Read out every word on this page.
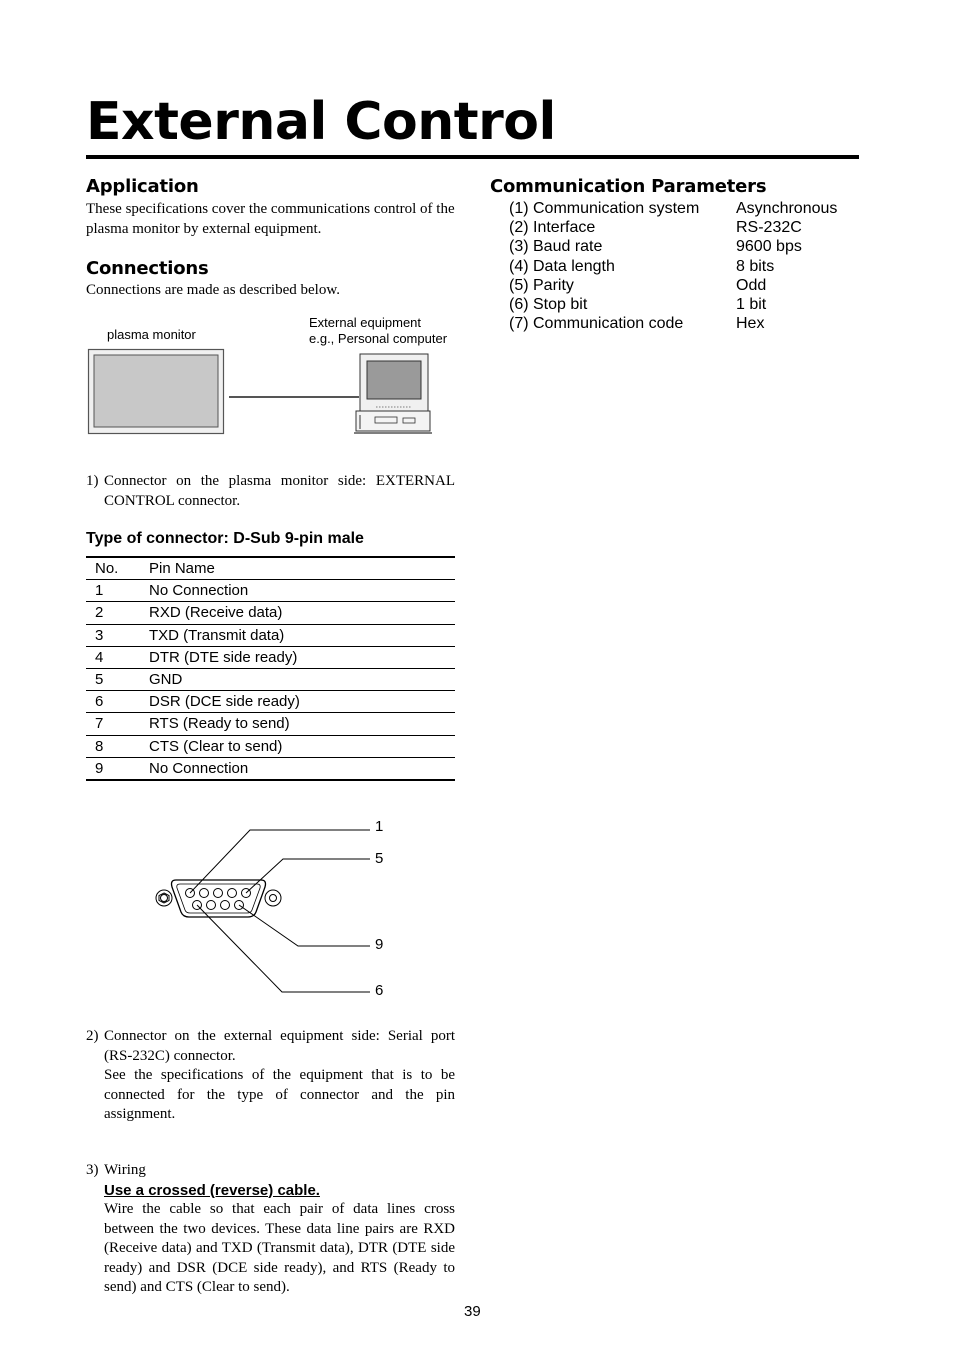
External Control
Application
These specifications cover the communications control of the plasma monitor by external equipment.
Connections
Connections are made as described below.
plasma monitor
External equipment
e.g., Personal computer
1) Connector on the plasma monitor side: EXTERNAL
CONTROL connector.
Type of connector: D-Sub 9-pin male
No.	Pin Name
1	No Connection
2	RXD (Receive data)
3	TXD (Transmit data)
4	DTR (DTE side ready)
5	GND
6	DSR (DCE side ready)
7	RTS (Ready to send)
8	CTS (Clear to send)
9	No Connection
1
5
9
6
2) Connector on the external equipment side: Serial port
(RS-232C) connector.
See the specifications of the equipment that is to be connected for the type of connector and the pin assignment.
3) Wiring
Use a crossed (reverse) cable.
Wire the cable so that each pair of data lines cross between the two devices. These data line pairs are RXD (Receive data) and TXD (Transmit data), DTR (DTE side ready) and DSR (DCE side ready), and RTS (Ready to send) and CTS (Clear to send).
Communication Parameters
(1) Communication system	Asynchronous
(2) Interface	RS-232C
(3) Baud rate	9600 bps
(4) Data length	8 bits
(5) Parity	Odd
(6) Stop bit	1 bit
(7) Communication code	Hex
39
